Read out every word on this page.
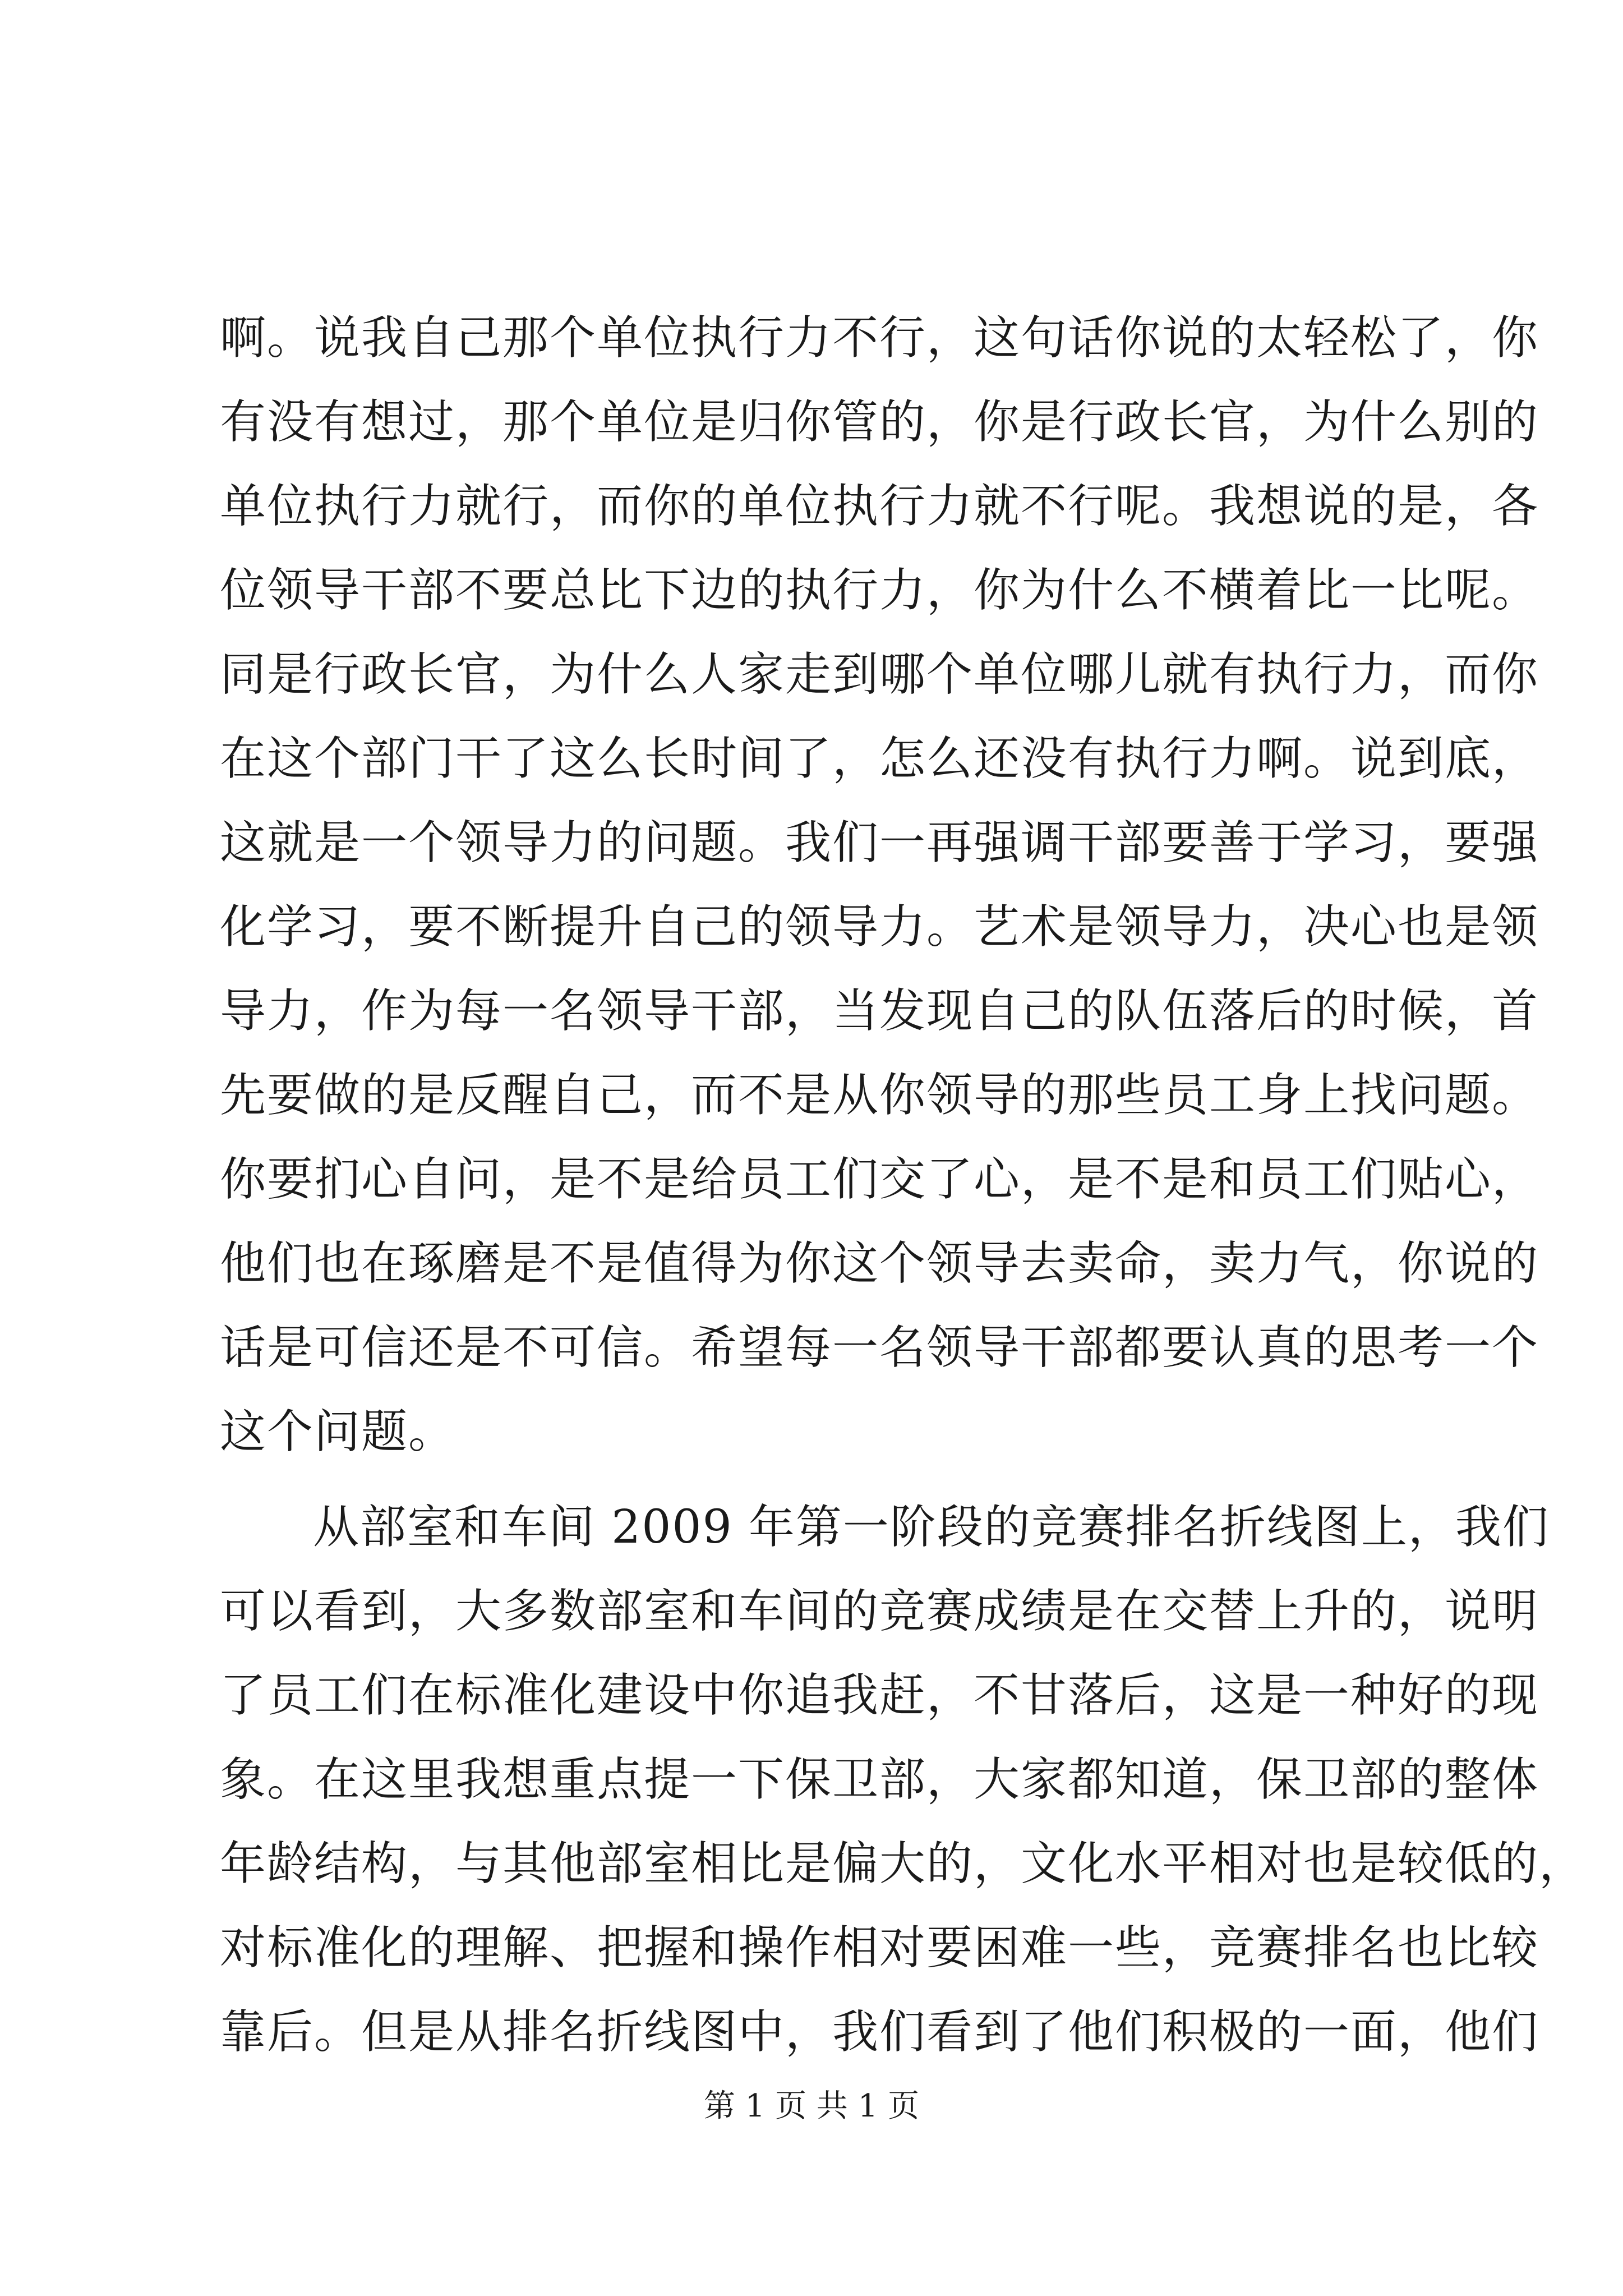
啊。说我自己那个单位执行力不行，这句话你说的太轻松了，你
有没有想过，那个单位是归你管的，你是行政长官，为什么别的
单位执行力就行，而你的单位执行力就不行呢。我想说的是，各
位领导干部不要总比下边的执行力，你为什么不横着比一比呢。
同是行政长官，为什么人家走到哪个单位哪儿就有执行力，而你
在这个部门干了这么长时间了，怎么还没有执行力啊。说到底，
这就是一个领导力的问题。我们一再强调干部要善于学习，要强
化学习，要不断提升自己的领导力。艺术是领导力，决心也是领
导力，作为每一名领导干部，当发现自己的队伍落后的时候，首
先要做的是反醒自己，而不是从你领导的那些员工身上找问题。
你要扪心自问，是不是给员工们交了心，是不是和员工们贴心，
他们也在琢磨是不是值得为你这个领导去卖命，卖力气，你说的
话是可信还是不可信。希望每一名领导干部都要认真的思考一个
这个问题。
从部室和车间 2009 年第一阶段的竞赛排名折线图上，我们
可以看到，大多数部室和车间的竞赛成绩是在交替上升的，说明
了员工们在标准化建设中你追我赶，不甘落后，这是一种好的现
象。在这里我想重点提一下保卫部，大家都知道，保卫部的整体
年龄结构，与其他部室相比是偏大的，文化水平相对也是较低的，
对标准化的理解、把握和操作相对要困难一些，竞赛排名也比较
靠后。但是从排名折线图中，我们看到了他们积极的一面，他们
第 1 页 共 1 页
